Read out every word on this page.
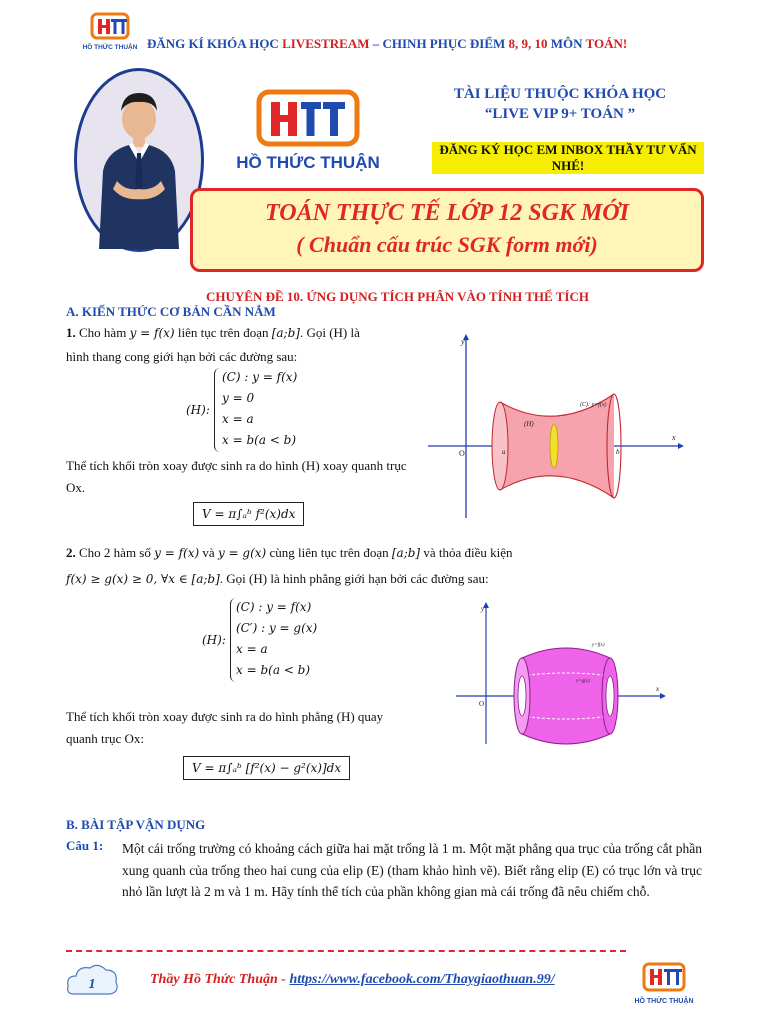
HỒ THỨC THUẬN ĐĂNG KÍ KHÓA HỌC LIVESTREAM – CHINH PHỤC ĐIỂM 8, 9, 10 MÔN TOÁN!
HỒ THỨC THUẬN
TÀI LIỆU THUỘC KHÓA HỌC
“LIVE VIP 9+ TOÁN ”
ĐĂNG KÝ HỌC EM INBOX THẦY TƯ VẤN NHÉ!
TOÁN THỰC TẾ LỚP 12 SGK MỚI
( Chuẩn cấu trúc SGK form mới)
CHUYÊN ĐỀ 10. ỨNG DỤNG TÍCH PHÂN VÀO TÍNH THỂ TÍCH
A. KIẾN THỨC CƠ BẢN CẦN NẮM
1. Cho hàm y = f(x) liên tục trên đoạn [a;b]. Gọi (H) là
hình thang cong giới hạn bởi các đường sau:
(H):
(C) : y = f(x)
y = 0
x = a
x = b(a < b)
Thể tích khối tròn xoay được sinh ra do hình (H) xoay quanh trục Ox.
V = π∫ₐᵇ f²(x)dx
y
x
O	a	b
(H)
(C): y=f(x)
2. Cho 2 hàm số y = f(x) và y = g(x) cùng liên tục trên đoạn [a;b] và thỏa điều kiện
f(x) ≥ g(x) ≥ 0, ∀x ∈ [a;b]. Gọi (H) là hình phẳng giới hạn bởi các đường sau:
(H):
(C) : y = f(x)
(C′) : y = g(x)
x = a
x = b(a < b)
Thể tích khối tròn xoay được sinh ra do hình phẳng (H) quay quanh trục Ox:
V = π∫ₐᵇ [f²(x) − g²(x)]dx
y
x
O
y=f(x)
y=g(x)
B. BÀI TẬP VẬN DỤNG
Câu 1: Một cái trống trường có khoảng cách giữa hai mặt trống là 1 m. Một mặt phẳng qua trục của trống cắt phần xung quanh của trống theo hai cung của elip (E) (tham khảo hình vẽ). Biết rằng elip (E) có trục lớn và trục nhỏ lần lượt là 2 m và 1 m. Hãy tính thể tích của phần không gian mà cái trống đã nêu chiếm chỗ.
1	Thầy Hồ Thức Thuận - https://www.facebook.com/Thaygiaothuan.99/
HỒ THỨC THUẬN
